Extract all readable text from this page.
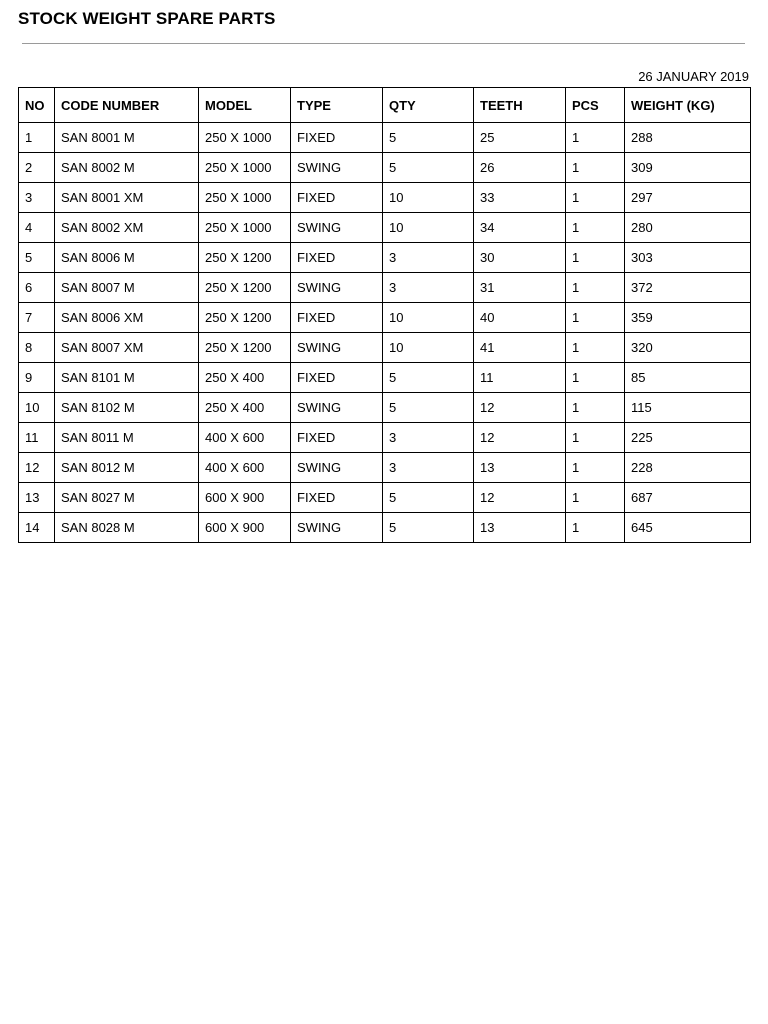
STOCK WEIGHT SPARE PARTS
26 JANUARY 2019
NO	CODE NUMBER	MODEL	TYPE	QTY	TEETH	PCS	WEIGHT (KG)
1	SAN 8001 M	250 X 1000	FIXED	5	25	1	288
2	SAN 8002 M	250 X 1000	SWING	5	26	1	309
3	SAN 8001 XM	250 X 1000	FIXED	10	33	1	297
4	SAN 8002 XM	250 X 1000	SWING	10	34	1	280
5	SAN 8006 M	250 X 1200	FIXED	3	30	1	303
6	SAN 8007 M	250 X 1200	SWING	3	31	1	372
7	SAN 8006 XM	250 X 1200	FIXED	10	40	1	359
8	SAN 8007 XM	250 X 1200	SWING	10	41	1	320
9	SAN 8101 M	250 X 400	FIXED	5	11	1	85
10	SAN 8102 M	250 X 400	SWING	5	12	1	115
11	SAN 8011 M	400 X 600	FIXED	3	12	1	225
12	SAN 8012 M	400 X 600	SWING	3	13	1	228
13	SAN 8027 M	600 X 900	FIXED	5	12	1	687
14	SAN 8028 M	600 X 900	SWING	5	13	1	645
